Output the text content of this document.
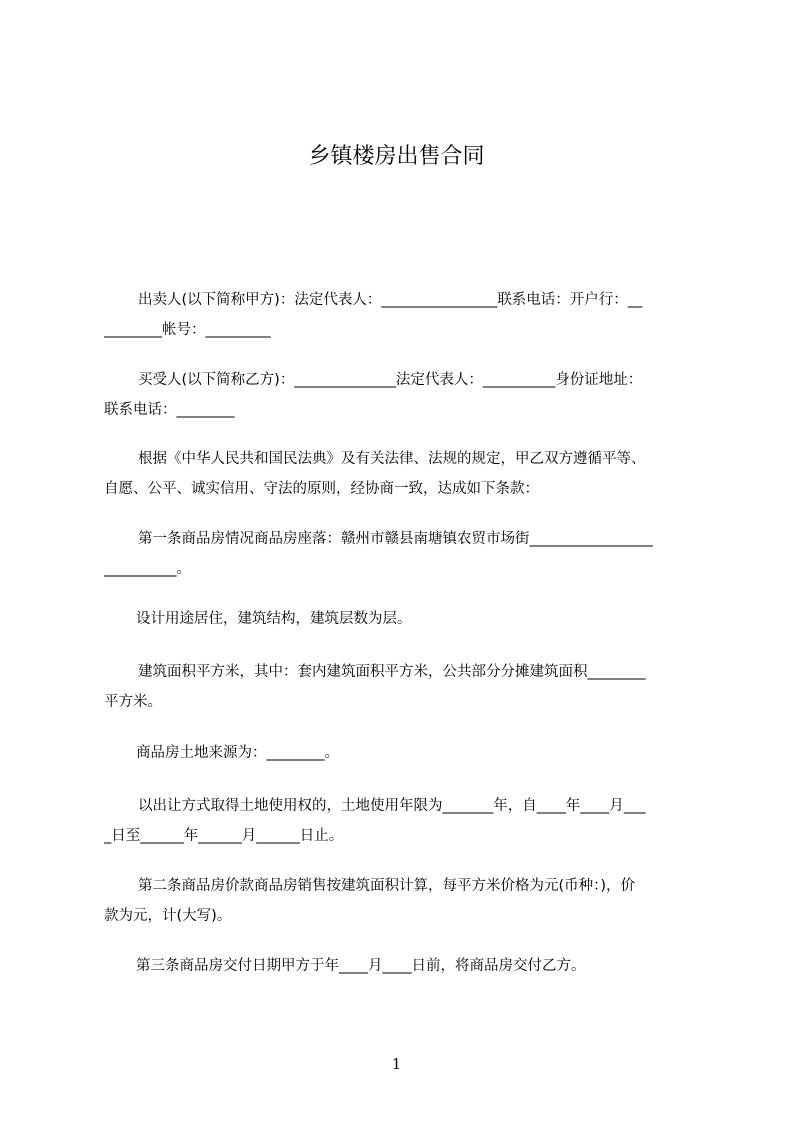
乡镇楼房出售合同
出卖人(以下简称甲方)：法定代表人：________________联系电话：开户行：__
________帐号：_________
买受人(以下简称乙方)：______________法定代表人：__________身份证地址：
联系电话：________
根据《中华人民共和国民法典》及有关法律、法规的规定，甲乙双方遵循平等、
自愿、公平、诚实信用、守法的原则，经协商一致，达成如下条款：
第一条商品房情况商品房座落：赣州市赣县南塘镇农贸市场街_________________
__________。
设计用途居住，建筑结构，建筑层数为层。
建筑面积平方米，其中：套内建筑面积平方米，公共部分分摊建筑面积________
平方米。
商品房土地来源为：________。
以出让方式取得土地使用权的，土地使用年限为_______年，自____年____月___
_日至______年______月______日止。
第二条商品房价款商品房销售按建筑面积计算，每平方米价格为元(币种：)，价
款为元，计(大写)。
第三条商品房交付日期甲方于年____月____日前，将商品房交付乙方。
1
